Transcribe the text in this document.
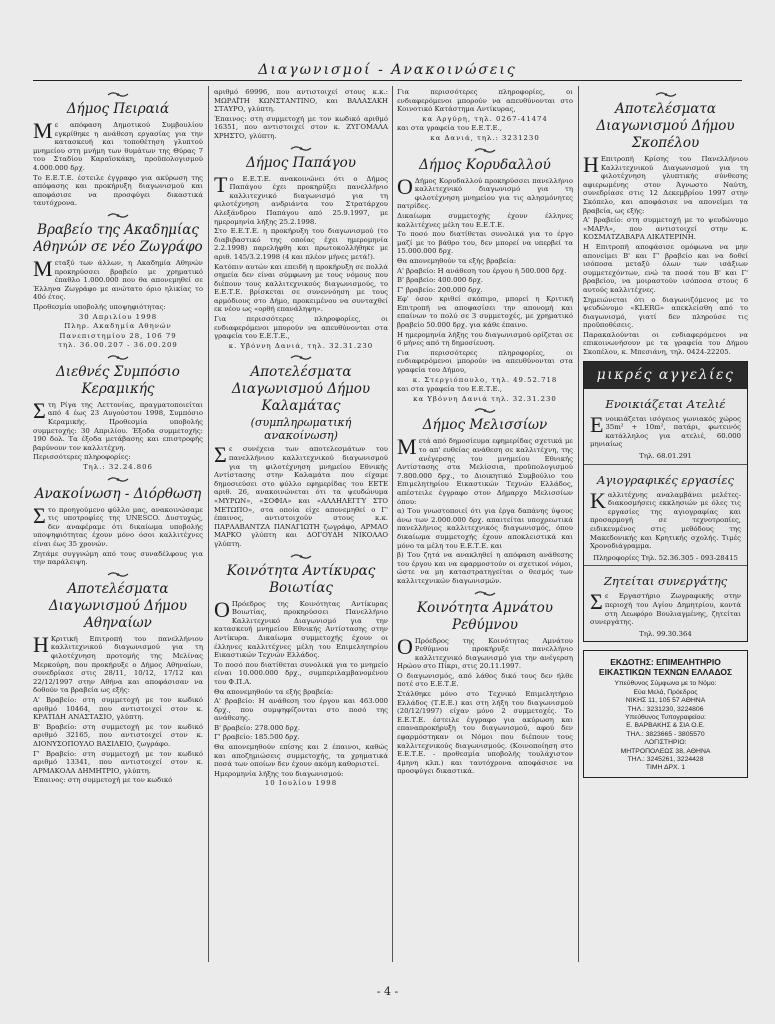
Διαγωνισμοί - Ανακοινώσεις
Δήμος Πειραιά

Με απόφαση Δημοτικού Συμβουλίου εγκρίθηκε η ανάθεση εργασίας για την κατασκευή και τοποθέτηση γλυπτού μνημείου στη μνήμη των θυμάτων της Θύρας 7 του Σταδίου Καραϊσκάκη, προϋπολογισμού 4.000.000 δρχ.

Το Ε.Ε.Τ.Ε. έστειλε έγγραφο για ακύρωση της απόφασης και προκήρυξη διαγωνισμού και αποφάσισε να προσφύγει δικαστικά ταυτόχρονα.

Βραβείο της Ακαδημίας Αθηνών σε νέο Ζωγράφο

Μεταξύ των άλλων, η Ακαδημία Αθηνών προκηρύσσει βραβείο με χρηματικό έπαθλο 1.000.000 που θα απονεμηθεί σε Έλληνα Ζωγράφο με ανώτατο όριο ηλικίας το 40ό έτος.

Προθεσμία υποβολής υποψηφιότητας:

30 Απριλίου 1998

Πληρ. Ακαδημία Αθηνών

Πανεπιστημίου 28, 106 79

τηλ. 36.00.207 - 36.00.209

Διεθνές Συμπόσιο Κεραμικής

Στη Ρίγα της Λεττονίας, πραγματοποιείται από 4 έως 23 Αυγούστου 1998, Συμπόσιο Κεραμικής. Προθεσμία υποβολής συμμετοχής: 30 Απριλίου. Έξοδα συμμετοχής: 190 δολ. Τα έξοδα μετάβασης και επιστροφής βαρύνουν τον καλλιτέχνη.

Περισσότερες πληροφορίες:

Τηλ.: 32.24.806

Ανακοίνωση - Διόρθωση

Στο προηγούμενο φύλλο μας, ανακοινώσαμε τις υποτροφίες της UNESCO. Δυστυχώς, δεν αναφέραμε ότι δικαίωμα υποβολής υποψηφιότητας έχουν μόνο όσοι καλλιτέχνες είναι έως 35 χρονών.

Ζητάμε συγγνώμη από τους συναδέλφους για την παράλειψη.

Αποτελέσματα Διαγωνισμού Δήμου Αθηναίων

Η Κριτική Επιτροπή του πανελλήνιου καλλιτεχνικού διαγωνισμού για τη φιλοτέχνηση προτομής της Μελίνας Μερκούρη, που προκήρυξε ο Δήμος Αθηναίων, συνεδρίασε στις 28/11, 10/12, 17/12 και 22/12/1997 στην Αθήνα και αποφάσισαν να δοθούν τα βραβεία ως εξής:

Α' Βραβείο: στη συμμετοχή με τον κωδικό αριθμό 10464, που αντιστοιχεί στον κ. ΚΡΑΤΙΔΗ ΑΝΑΣΤΑΣΙΟ, γλύπτη.

Β' Βραβείο: στη συμμετοχή με τον κωδικό αριθμό 32165, που αντιστοιχεί στον κ. ΔΙΟΝΥΣΟΠΟΥΛΟ ΒΑΣΙΛΕΙΟ, ζωγράφο.

Γ' Βραβείο: στη συμμετοχή με τον κωδικό αριθμό 13341, που αντιστοιχεί στον κ. ΑΡΜΑΚΟΛΑ ΔΗΜΗΤΡΙΟ, γλύπτη.

Έπαινος: στη συμμετοχή με τον κωδικό

αριθμό 69996, που αντιστοιχεί στους κ.κ.: ΜΩΡΑΪΤΗ ΚΩΝΣΤΑΝΤΙΝΟ, και ΒΑΛΑΣΑΚΗ ΣΤΑΥΡΟ, γλύπτη.

Έπαινος: στη συμμετοχή με τον κωδικό αριθμό 16351, που αντιστοιχεί στον κ. ΖΥΓΟΜΑΛΑ ΧΡΗΣΤΟ, γλύπτη.

Δήμος Παπάγου

Το Ε.Ε.Τ.Ε. ανακοινώνει ότι ο Δήμος Παπάγου έχει προκηρύξει πανελλήνιο καλλιτεχνικό διαγωνισμό για τη φιλοτέχνηση ανδριάντα του Στρατάρχου Αλεξάνδρου Παπάγου από 25.9.1997, με ημερομηνία λήξης 25.2.1998.

Στο Ε.Ε.Τ.Ε. η προκήρυξη του διαγωνισμού (το διαβιβαστικό της οποίας έχει ημερομηνία 2.2.1998) παρελήφθη και πρωτοκολλήθηκε με αριθ. 145/3.2.1998 (4 και πλέον μήνες μετά!).

Κατόπιν αυτών και επειδή η προκήρυξη σε πολλά σημεία δεν είναι σύμφωνη με τους νόμους που διέπουν τους καλλιτεχνικούς διαγωνισμούς, το Ε.Ε.Τ.Ε. βρίσκεται σε συνεννόηση με τους αρμόδιους στο Δήμο, προκειμένου να συνταχθεί εκ νέου ως «ορθή επανάληψη».

Για περισσότερες πληροφορίες, οι ενδιαφερόμενοι μπορούν να απευθύνονται στα γραφεία του Ε.Ε.Τ.Ε.,

κ. Υβόννη Δανιά, τηλ. 32.31.230

Αποτελέσματα Διαγωνισμού Δήμου Καλαμάτας
(συμπληρωματική ανακοίνωση)

Σε συνέχεια των αποτελεσμάτων του πανελλήνιου καλλιτεχνικού διαγωνισμού για τη φιλοτέχνηση μνημείου Εθνικής Αντίστασης στην Καλαμάτα που είχαμε δημοσιεύσει στο φύλλο εφημερίδας του ΕΕΤΕ αριθ. 26, ανακοινώνεται ότι τα ψευδώνυμα «ΜΥΡΩΝ», «ΣΟΦΙΑ» και «ΑΛΛΗΛΕΓΓΥ ΣΤΟ ΜΕΤΩΠΟ», στα οποία είχε απονεμηθεί ο Γ' έπαινος, αντιστοιχούν στους κ.κ. ΠΑΡΛΑΒΑΝΤΖΑ ΠΑΝΑΓΙΩΤΗ ζωγράφο, ΑΡΜΑΟ ΜΑΡΚΟ γλύπτη και ΔΟΓΟΥΔΗ ΝΙΚΟΛΑΟ γλύπτη.

Κοινότητα Αντίκυρας Βοιωτίας

Ο Πρόεδρος της Κοινότητας Αντίκυρας Βοιωτίας, προκηρύσσει Πανελλήνιο Καλλιτεχνικό Διαγωνισμό για την κατασκευή μνημείου Εθνικής Αντίστασης στην Αντίκυρα. Δικαίωμα συμμετοχής έχουν οι έλληνες καλλιτέχνες μέλη του Επιμελητηρίου Εικαστικών Τεχνών Ελλάδος.

Το ποσό που διατίθεται συνολικά για το μνημείο είναι 10.000.000 δρχ., συμπεριλαμβανομένου του Φ.Π.Α.

Θα απονεμηθούν τα εξής βραβεία:

Α' βραβείο: Η ανάθεση του έργου και 463.000 δρχ., που συμψηφίζονται στο ποσό της ανάθεσης.

Β' βραβείο: 278.000 δρχ.

Γ' βραβείο: 185.500 δρχ.

Θα απονεμηθούν επίσης και 2 έπαινοι, καθώς και αποζημιώσεις συμμετοχής, τα χρηματικά ποσά των οποίων δεν έχουν ακόμη καθοριστεί.

Ημερομηνία λήξης του διαγωνισμού:

10 Ιουλίου 1998

Για περισσότερες πληροφορίες, οι ενδιαφερόμενοι μπορούν να απευθύνονται στο Κοινοτικό Κατάστημα Αντίκυρας,

κα Αργύρη, τηλ. 0267-41474

και στα γραφεία του Ε.Ε.Τ.Ε.,

κα Δανιά, τηλ.: 3231230

Δήμος Κορυδαλλού

Ο Δήμος Κορυδαλλού προκηρύσσει πανελλήνιο καλλιτεχνικό διαγωνισμό για τη φιλοτέχνηση μνημείου για τις αλησμόνητες πατρίδες.

Δικαίωμα συμμετοχής έχουν έλληνες καλλιτέχνες μέλη του Ε.Ε.Τ.Ε.

Το ποσό που διατίθεται συνολικά για το έργο μαζί με το βάθρο του, δεν μπορεί να υπερβεί τα 15.000.000 δρχ.

Θα απονεμηθούν τα εξής βραβεία:

Α' βραβείο: Η ανάθεση του έργου ή 500.000 δρχ.

Β' βραβείο: 400.000 δρχ.

Γ' βραβείο: 200.000 δρχ.

Εφ' όσον κριθεί σκόπιμο, μπορεί η Κριτική Επιτροπή να αποφασίσει την απονομή και επαίνων το πολύ σε 3 συμμετοχές, με χρηματικό βραβείο 50.000 δρχ. για κάθε έπαινο.

Η ημερομηνία λήξης του διαγωνισμού ορίζεται σε 6 μήνες από τη δημοσίευση.

Για περισσότερες πληροφορίες, οι ενδιαφερόμενοι μπορούν να απευθύνονται στα γραφεία του Δήμου,

κ. Στεργιόπουλο, τηλ. 49.52.718

και στα γραφεία του Ε.Ε.Τ.Ε.,

κα Υβόννη Δανιά τηλ. 32.31.230

Δήμος Μελισσίων

Μετά από δημοσίευμα εφημερίδας σχετικά με το απ' ευθείας ανάθεση σε καλλιτέχνη, της ανέγερσης του μνημείου Εθνικής Αντίστασης στα Μελίσσια, προϋπολογισμού 7.800.000 δρχ., το Διοικητικό Συμβούλιο του Επιμελητηρίου Εικαστικών Τεχνών Ελλάδος, απέστειλε έγγραφο στον Δήμαρχο Μελισσίων όπου:

α) Του γνωστοποιεί ότι για έργα δαπάνης ύψους άνω των 2.000.000 δρχ. απαιτείται υποχρεωτικά πανελλήνιος καλλιτεχνικός διαγωνισμός, όπου δικαίωμα συμμετοχής έχουν αποκλειστικά και μόνο τα μέλη του Ε.Ε.Τ.Ε. και

β) Του ζητά να ανακληθεί η απόφαση ανάθεσης του έργου και να εφαρμοστούν οι σχετικοί νόμοι, ώστε να μη καταστρατηγείται ο θεσμός των καλλιτεχνικών διαγωνισμών.

Κοινότητα Αμνάτου Ρεθύμνου

Ο Πρόεδρος της Κοινότητας Αμνάτου Ρεθύμνου προκήρυξε πανελλήνιο καλλιτεχνικό διαγωνισμό για την ανέγερση Ηρώου στο Πίκρι, στις 20.11.1997.

Ο διαγωνισμός, από λάθος δικό τους δεν ήλθε ποτέ στο Ε.Ε.Τ.Ε.

Στάλθηκε μόνο στο Τεχνικό Επιμελητήριο Ελλάδος (Τ.Ε.Ε.) και στη λήξη του διαγωνισμού (20/12/1997) είχαν μόνο 2 συμμετοχές. Το Ε.Ε.Τ.Ε. έστειλε έγγραφο για ακύρωση και επαναπροκήρυξη του διαγωνισμού, αφού δεν εφαρμόστηκαν οι Νόμοι που διέπουν τους καλλιτεχνικούς διαγωνισμούς. (Κοινοποίηση στο Ε.Ε.Τ.Ε. - προθεσμία υποβολής τουλάχιστον 4μηνη κλπ.) και ταυτόχρονα αποφάσισε να προσφύγει δικαστικά.

Αποτελέσματα Διαγωνισμού Δήμου Σκοπέλου

Η Επιτροπή Κρίσης του Πανελλήνιου Καλλιτεχνικού Διαγωνισμού για τη φιλοτέχνηση γλυπτικής σύνθεσης αφιερωμένης στον Άγνωστο Ναύτη, συνεδρίασε στις 12 Δεκεμβρίου 1997 στην Σκόπελο, και αποφάσισε να απονείμει τα βραβεία, ως εξής:

Α' βραβείο: στη συμμετοχή με το ψευδώνυμο «ΜΑΡΑ», που αντιστοιχεί στην κ. ΚΟΣΜΑΤΖΑΒΑΡΑ ΑΙΚΑΤΕΡΙΝΗ.

Η Επιτροπή αποφάσισε ομόφωνα να μην απονείμει Β' και Γ' βραβείο και να δοθεί ισόποσα μεταξύ όλων των ισάξιων συμμετεχόντων, ενώ τα ποσά του Β' και Γ' βραβείου, να μοιραστούν ισόποσα στους 6 αυτούς καλλιτέχνες.

Σημειώνεται ότι ο διαγωνιζόμενος με το ψευδώνυμο «KLERG» απεκλείσθη από το διαγωνισμό, γιατί δεν πληρούσε τις προϋποθέσεις.

Παρακαλούνται οι ενδιαφερόμενοι να επικοινωνήσουν με τα γραφεία του Δήμου Σκοπέλου, κ. Μπεσιάνη, τηλ. 0424-22205.

μικρές αγγελίες
Ενοικιάζεται Ατελιέ

Ενοικιάζεται ισόγειος γωνιακός χώρος 35m² + 10m², πατάρι, φωτεινός κατάλληλος για ατελιέ, 60.000 μηνιαίως

Τηλ. 68.01.291

Αγιογραφικές εργασίες

Καλλιτέχνης αναλαμβάνει μελέτες-διακοσμήσεις εκκλησιών με όλες τις εργασίες της αγιογραφίας και προσαρμογή σε τεχνοτροπίες, ειδικευμένος στις μεθόδους της Μακεδονικής και Κρητικής σχολής. Τιμές Χρονοδιάγραμμα.

Πληροφορίες Τηλ. 52.36.305 - 093-28415

Ζητείται συνεργάτης

Σε Εργαστήριο Ζωγραφικής στην περιοχή του Αγίου Δημητρίου, κοντά στη Λεωφόρο Βουλιαγμένης, ζητείται συνεργάτης.

Τηλ. 99.30.364

ΕΚΔΟΤΗΣ: ΕΠΙΜΕΛΗΤΗΡΙΟ ΕΙΚΑΣΤΙΚΩΝ ΤΕΧΝΩΝ ΕΛΛΑΔΟΣ

Υπεύθυνος Σύμφωνα με το Νόμο:

Εύα Μελά, Πρόεδρος

ΝΙΚΗΣ 11, 105 57 ΑΘΗΝΑ

ΤΗΛ.: 3231230, 3224806

Υπεύθυνος Τυπογραφείου:

Ε. ΒΑΡΒΑΚΗΣ & ΣΙΑ Ο.Ε.

ΤΗΛ.: 3823665 - 3805570

ΛΟΓΙΣΤΗΡΙΟ:

ΜΗΤΡΟΠΟΛΕΩΣ 38, ΑΘΗΝΑ

ΤΗΛ.: 3245261, 3224428

ΤΙΜΗ ΔΡΧ. 1

- 4 -
